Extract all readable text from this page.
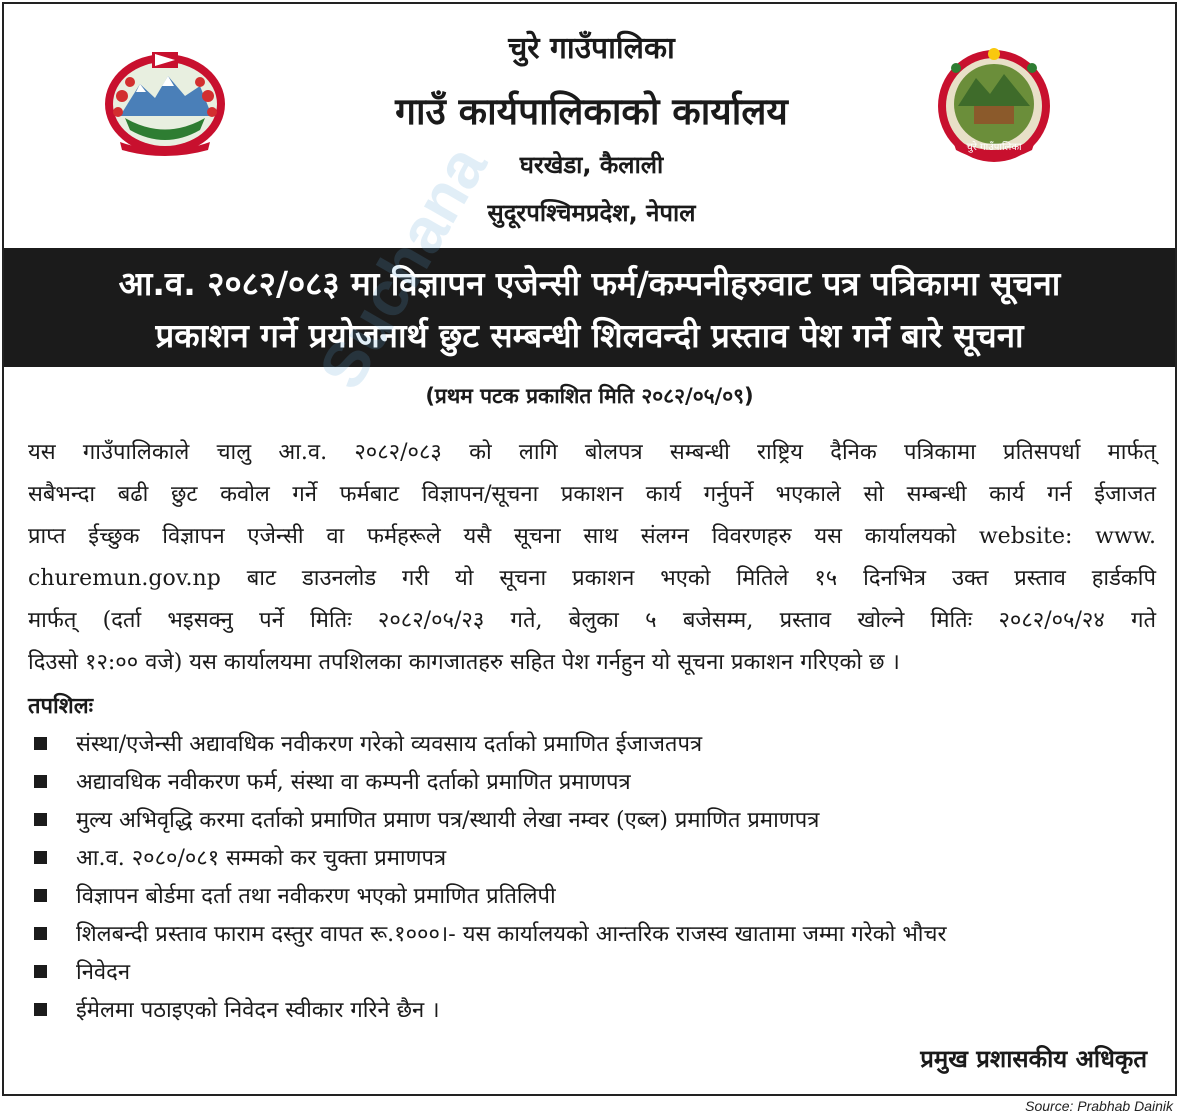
चुरे गाउँपालिका
चुरे गाउँपालिका
गाउँ कार्यपालिकाको कार्यालय
घरखेडा, कैलाली
सुदूरपश्चिमप्रदेश, नेपाल
आ.व. २०८२/०८३ मा विज्ञापन एजेन्सी फर्म/कम्पनीहरुवाट पत्र पत्रिकामा सूचना
प्रकाशन गर्ने प्रयोजनार्थ छुट सम्बन्धी शिलवन्दी प्रस्ताव पेश गर्ने बारे सूचना
(प्रथम पटक प्रकाशित मिति २०८२/०५/०९)
यस गाउँपालिकाले चालु आ.व. २०८२/०८३ को लागि बोलपत्र सम्बन्धी राष्ट्रिय दैनिक पत्रिकामा प्रतिसपर्धा मार्फत्
सबैभन्दा बढी छुट कवोल गर्ने फर्मबाट विज्ञापन/सूचना प्रकाशन कार्य गर्नुपर्ने भएकाले सो सम्बन्धी कार्य गर्न ईजाजत
प्राप्त ईच्छुक विज्ञापन एजेन्सी वा फर्महरूले यसै सूचना साथ संलग्न विवरणहरु यस कार्यालयको website: www.
churemun.gov.np बाट डाउनलोड गरी यो सूचना प्रकाशन भएको मितिले १५ दिनभित्र उक्त प्रस्ताव हार्डकपि
मार्फत् (दर्ता भइसक्नु पर्ने मितिः २०८२/०५/२३ गते, बेलुका ५ बजेसम्म, प्रस्ताव खोल्ने मितिः २०८२/०५/२४ गते
दिउसो १२:०० वजे) यस कार्यालयमा तपशिलका कागजातहरु सहित पेश गर्नहुन यो सूचना प्रकाशन गरिएको छ ।
तपशिलः
संस्था/एजेन्सी अद्यावधिक नवीकरण गरेको व्यवसाय दर्ताको प्रमाणित ईजाजतपत्र
अद्यावधिक नवीकरण फर्म, संस्था वा कम्पनी दर्ताको प्रमाणित प्रमाणपत्र
मुल्य अभिवृद्धि करमा दर्ताको प्रमाणित प्रमाण पत्र/स्थायी लेखा नम्वर (एब्ल) प्रमाणित प्रमाणपत्र
आ.व. २०८०/०८१ सम्मको कर चुक्ता प्रमाणपत्र
विज्ञापन बोर्डमा दर्ता तथा नवीकरण भएको प्रमाणित प्रतिलिपी
शिलबन्दी प्रस्ताव फाराम दस्तुर वापत रू.१०००।- यस कार्यालयको आन्तरिक राजस्व खातामा जम्मा गरेको भौचर
निवेदन
ईमेलमा पठाइएको निवेदन स्वीकार गरिने छैन ।
प्रमुख प्रशासकीय अधिकृत
Source: Prabhab Dainik
